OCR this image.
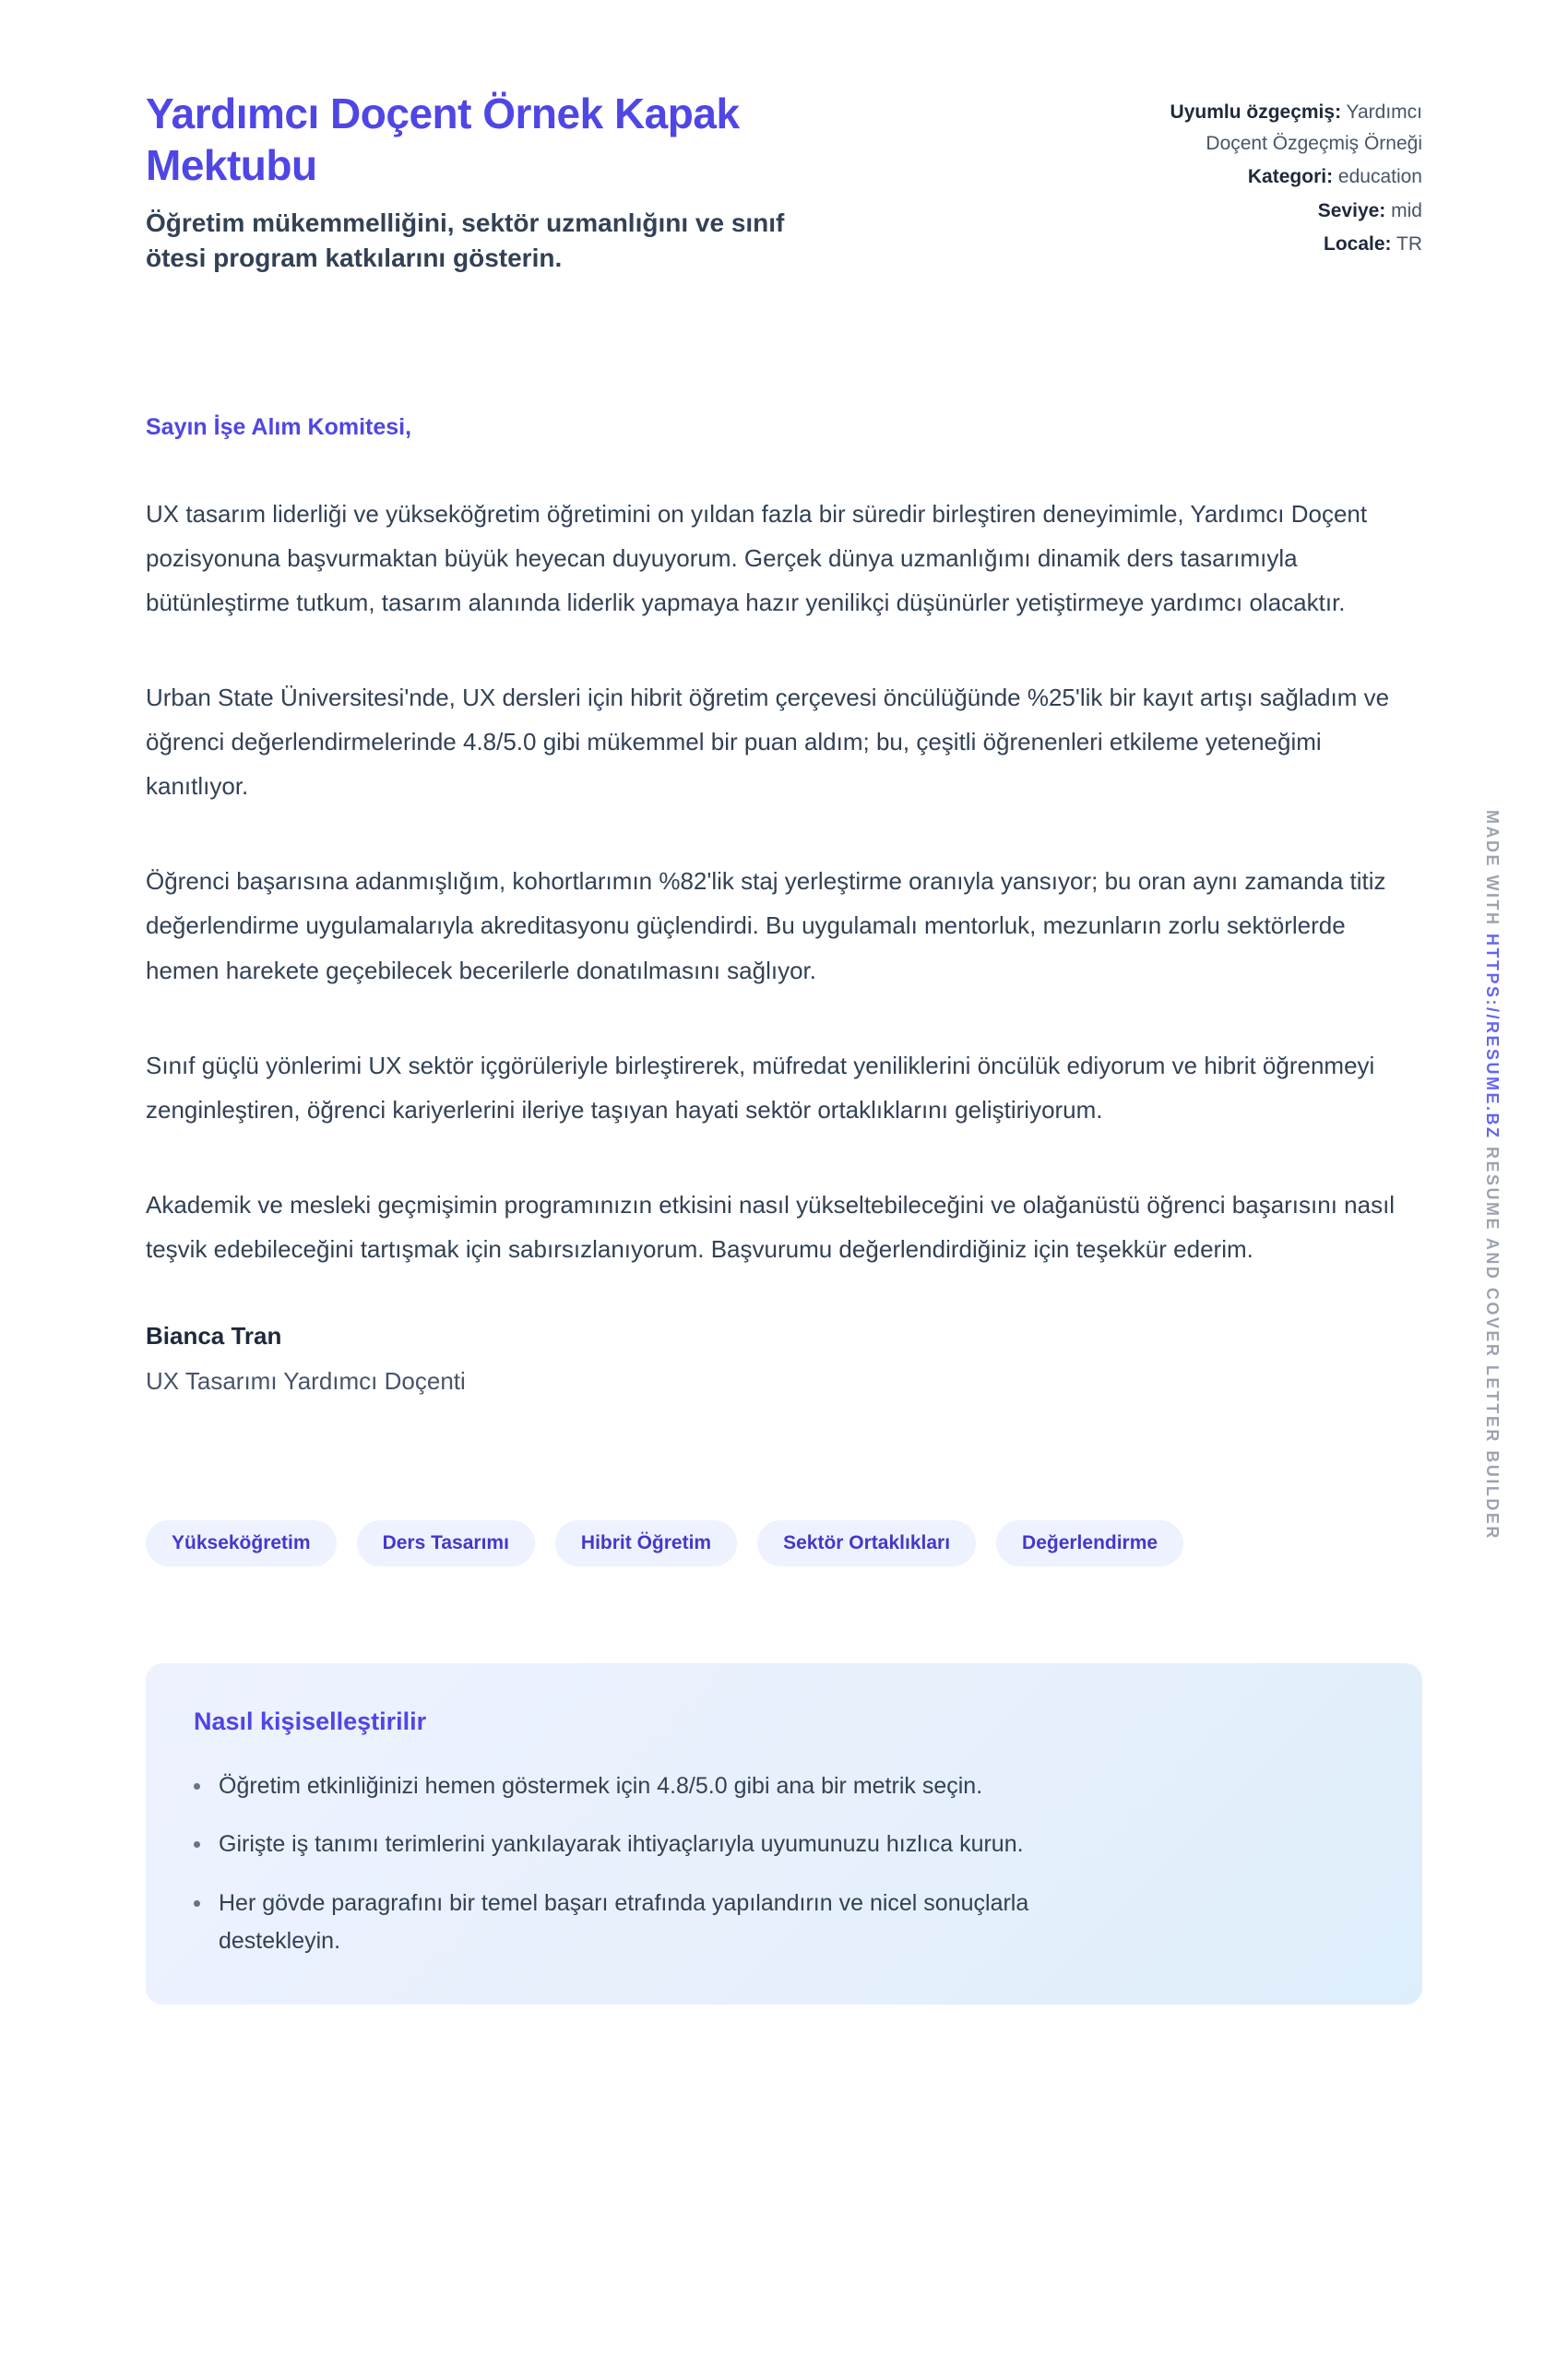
Yardımcı Doçent Örnek Kapak Mektubu
Öğretim mükemmelliğini, sektör uzmanlığını ve sınıf ötesi program katkılarını gösterin.
Uyumlu özgeçmiş: Yardımcı Doçent Özgeçmiş Örneği
Kategori: education
Seviye: mid
Locale: TR
Sayın İşe Alım Komitesi,

UX tasarım liderliği ve yükseköğretim öğretimini on yıldan fazla bir süredir birleştiren deneyimimle, Yardımcı Doçent pozisyonuna başvurmaktan büyük heyecan duyuyorum. Gerçek dünya uzmanlığımı dinamik ders tasarımıyla bütünleştirme tutkum, tasarım alanında liderlik yapmaya hazır yenilikçi düşünürler yetiştirmeye yardımcı olacaktır.

Urban State Üniversitesi'nde, UX dersleri için hibrit öğretim çerçevesi öncülüğünde %25'lik bir kayıt artışı sağladım ve öğrenci değerlendirmelerinde 4.8/5.0 gibi mükemmel bir puan aldım; bu, çeşitli öğrenenleri etkileme yeteneğimi kanıtlıyor.

Öğrenci başarısına adanmışlığım, kohortlarımın %82'lik staj yerleştirme oranıyla yansıyor; bu oran aynı zamanda titiz değerlendirme uygulamalarıyla akreditasyonu güçlendirdi. Bu uygulamalı mentorluk, mezunların zorlu sektörlerde hemen harekete geçebilecek becerilerle donatılmasını sağlıyor.

Sınıf güçlü yönlerimi UX sektör içgörüleriyle birleştirerek, müfredat yeniliklerini öncülük ediyorum ve hibrit öğrenmeyi zenginleştiren, öğrenci kariyerlerini ileriye taşıyan hayati sektör ortaklıklarını geliştiriyorum.

Akademik ve mesleki geçmişimin programınızın etkisini nasıl yükseltebileceğini ve olağanüstü öğrenci başarısını nasıl teşvik edebileceğini tartışmak için sabırsızlanıyorum. Başvurumu değerlendirdiğiniz için teşekkür ederim.

Bianca Tran
UX Tasarımı Yardımcı Doçenti
Yükseköğretim	Ders Tasarımı	Hibrit Öğretim	Sektör Ortaklıkları	Değerlendirme
Nasıl kişiselleştirilir
Öğretim etkinliğinizi hemen göstermek için 4.8/5.0 gibi ana bir metrik seçin.
Girişte iş tanımı terimlerini yankılayarak ihtiyaçlarıyla uyumunuzu hızlıca kurun.
Her gövde paragrafını bir temel başarı etrafında yapılandırın ve nicel sonuçlarla destekleyin.
MADE WITH HTTPS://RESUME.BZ RESUME AND COVER LETTER BUILDER
